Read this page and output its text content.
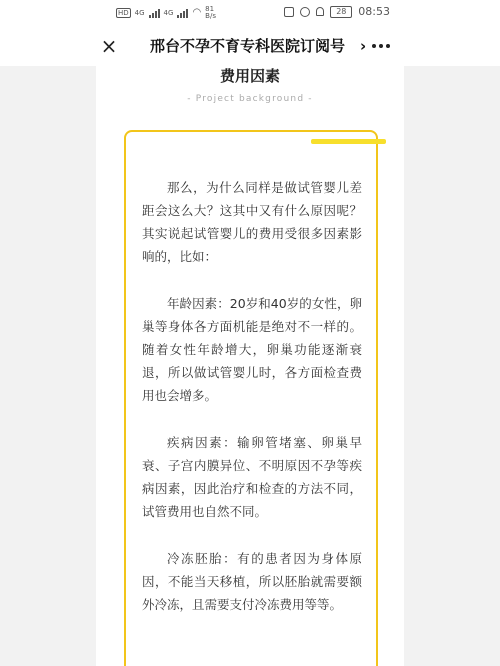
HD 4G	4G ◠ 81
B/s
28 08:53
×	邢台不孕不育专科医院订阅号 ›
费用因素
- Project background -

那么，为什么同样是做试管婴儿差距会这么大？这其中又有什么原因呢？其实说起试管婴儿的费用受很多因素影响的，比如：

年龄因素：20岁和40岁的女性，卵巢等身体各方面机能是绝对不一样的。随着女性年龄增大，卵巢功能逐渐衰退，所以做试管婴儿时，各方面检查费用也会增多。

疾病因素：输卵管堵塞、卵巢早衰、子宫内膜异位、不明原因不孕等疾病因素，因此治疗和检查的方法不同，试管费用也自然不同。

冷冻胚胎：有的患者因为身体原因，不能当天移植，所以胚胎就需要额外冷冻，且需要支付冷冻费用等等。
